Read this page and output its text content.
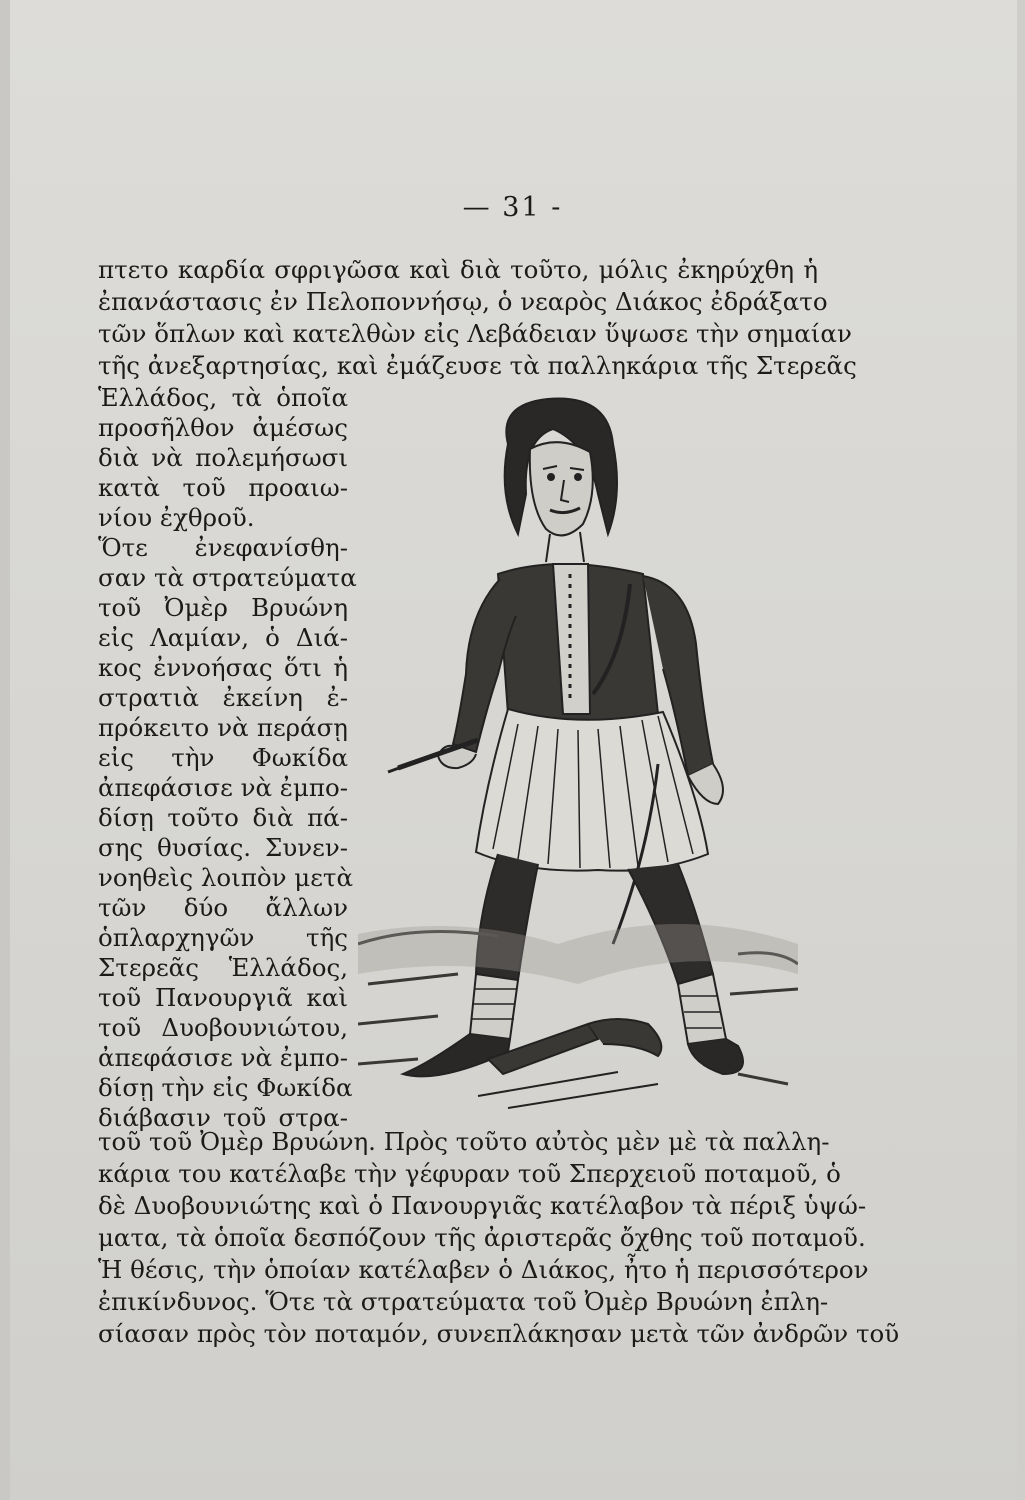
— 31 -
πτετο καρδία σφριγῶσα καὶ διὰ τοῦτο, μόλις ἐκηρύχθη ἡ
ἐπανάστασις ἐν Πελοποννήσῳ, ὁ νεαρὸς Διάκος ἐδράξατο
τῶν ὅπλων καὶ κατελθὼν εἰς Λεβάδειαν ὕψωσε τὴν σημαίαν
τῆς ἀνεξαρτησίας, καὶ ἐμάζευσε τὰ παλληκάρια τῆς Στερεᾶς
Ἑλλάδος, τὰ ὁποῖα
προσῆλθον ἀμέσως
διὰ νὰ πολεμήσωσι
κατὰ τοῦ προαιω-
νίου ἐχθροῦ.
Ὅτε ἐνεφανίσθη-
σαν τὰ στρατεύματα
τοῦ Ὀμὲρ Βρυώνη
εἰς Λαμίαν, ὁ Διά-
κος ἐννοήσας ὅτι ἡ
στρατιὰ ἐκείνη ἐ-
πρόκειτο νὰ περάσῃ
εἰς τὴν Φωκίδα
ἀπεφάσισε νὰ ἐμπο-
δίσῃ τοῦτο διὰ πά-
σης θυσίας. Συνεν-
νοηθεὶς λοιπὸν μετὰ
τῶν δύο ἄλλων
ὁπλαρχηγῶν τῆς
Στερεᾶς Ἑλλάδος,
τοῦ Πανουργιᾶ καὶ
τοῦ Δυοβουνιώτου,
ἀπεφάσισε νὰ ἐμπο-
δίσῃ τὴν εἰς Φωκίδα
διάβασιν τοῦ στρα-
τοῦ τοῦ Ὀμὲρ Βρυώνη. Πρὸς τοῦτο αὐτὸς μὲν μὲ τὰ παλλη-
κάρια του κατέλαβε τὴν γέφυραν τοῦ Σπερχειοῦ ποταμοῦ, ὁ
δὲ Δυοβουνιώτης καὶ ὁ Πανουργιᾶς κατέλαβον τὰ πέριξ ὑψώ-
ματα, τὰ ὁποῖα δεσπόζουν τῆς ἀριστερᾶς ὄχθης τοῦ ποταμοῦ.
Ἡ θέσις, τὴν ὁποίαν κατέλαβεν ὁ Διάκος, ἦτο ἡ περισσότερον
ἐπικίνδυνος. Ὅτε τὰ στρατεύματα τοῦ Ὀμὲρ Βρυώνη ἐπλη-
σίασαν πρὸς τὸν ποταμόν, συνεπλάκησαν μετὰ τῶν ἀνδρῶν τοῦ
